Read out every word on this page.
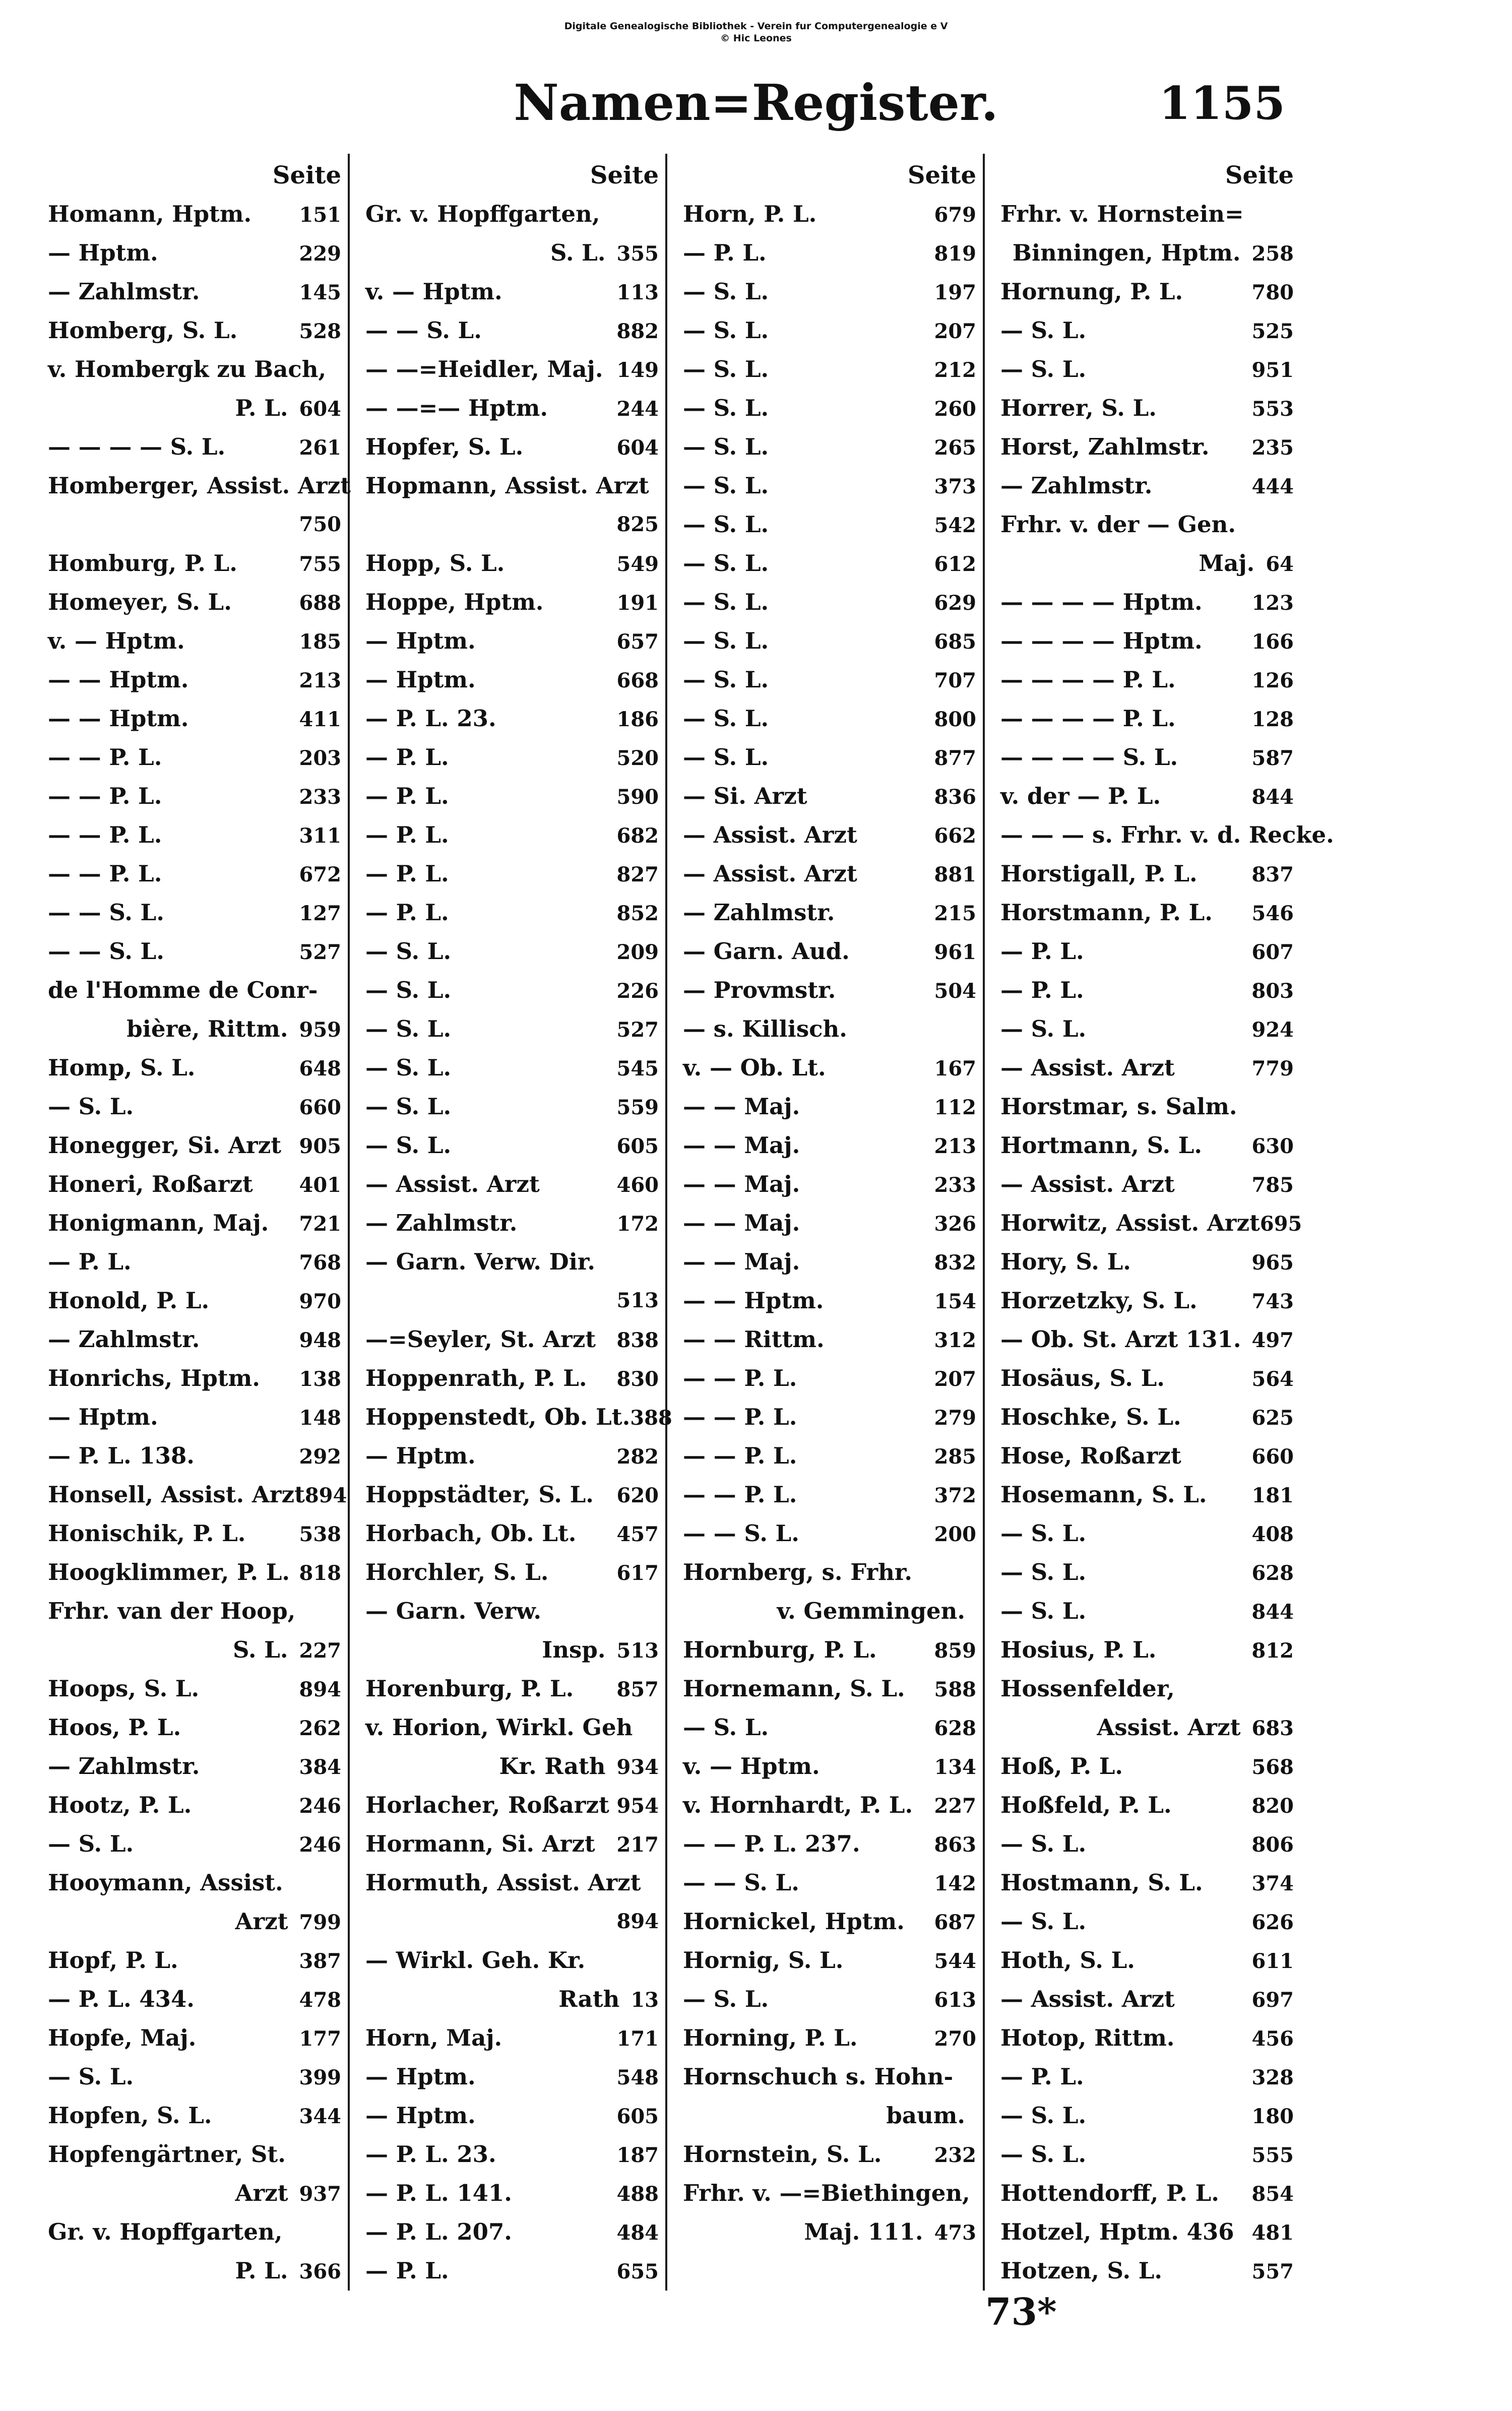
Digitale Genealogische Bibliothek - Verein fur Computergenealogie e V
© Hic Leones
Namen=Register.	1155
Seite
Homann, Hptm.	151
— Hptm.	229
— Zahlmstr.	145
Homberg, S. L.	528
v. Hombergk zu Bach,
P. L. 604
— — — — S. L.	261
Homberger, Assist. Arzt
750
Homburg, P. L.	755
Homeyer, S. L.	688
v. — Hptm.	185
— — Hptm.	213
— — Hptm.	411
— — P. L.	203
— — P. L.	233
— — P. L.	311
— — P. L.	672
— — S. L.	127
— — S. L.	527
de l'Homme de Conr-
bière, Rittm. 959
Homp, S. L.	648
— S. L.	660
Honegger, Si. Arzt 905
Honeri, Roßarzt	401
Honigmann, Maj.	721
— P. L.	768
Honold, P. L.	970
— Zahlmstr.	948
Honrichs, Hptm.	138
— Hptm.	148
— P. L. 138.	292
Honsell, Assist. Arzt 894
Honischik, P. L.	538
Hoogklimmer, P. L. 818
Frhr. van der Hoop,
S. L. 227
Hoops, S. L.	894
Hoos, P. L.	262
— Zahlmstr.	384
Hootz, P. L.	246
— S. L.	246
Hooymann, Assist.
Arzt 799
Hopf, P. L.	387
— P. L. 434.	478
Hopfe, Maj.	177
— S. L.	399
Hopfen, S. L.	344
Hopfengärtner, St.
Arzt 937
Gr. v. Hopffgarten,
P. L. 366
Seite
Gr. v. Hopffgarten,
S. L. 355
v. — Hptm.	113
— — S. L.	882
— —=Heidler, Maj. 149
— —=— Hptm.	244
Hopfer, S. L.	604
Hopmann, Assist. Arzt
825
Hopp, S. L.	549
Hoppe, Hptm.	191
— Hptm.	657
— Hptm.	668
— P. L. 23.	186
— P. L.	520
— P. L.	590
— P. L.	682
— P. L.	827
— P. L.	852
— S. L.	209
— S. L.	226
— S. L.	527
— S. L.	545
— S. L.	559
— S. L.	605
— Assist. Arzt	460
— Zahlmstr.	172
— Garn. Verw. Dir.
513
—=Seyler, St. Arzt	838
Hoppenrath, P. L.	830
Hoppenstedt, Ob. Lt. 388
— Hptm.	282
Hoppstädter, S. L.	620
Horbach, Ob. Lt.	457
Horchler, S. L.	617
— Garn. Verw.
Insp. 513
Horenburg, P. L.	857
v. Horion, Wirkl. Geh
Kr. Rath 934
Horlacher, Roßarzt 954
Hormann, Si. Arzt	217
Hormuth, Assist. Arzt
894
— Wirkl. Geh. Kr.
Rath 13
Horn, Maj.	171
— Hptm.	548
— Hptm.	605
— P. L. 23.	187
— P. L. 141.	488
— P. L. 207.	484
— P. L.	655
Seite
Horn, P. L.	679
— P. L.	819
— S. L.	197
— S. L.	207
— S. L.	212
— S. L.	260
— S. L.	265
— S. L.	373
— S. L.	542
— S. L.	612
— S. L.	629
— S. L.	685
— S. L.	707
— S. L.	800
— S. L.	877
— Si. Arzt	836
— Assist. Arzt	662
— Assist. Arzt	881
— Zahlmstr.	215
— Garn. Aud.	961
— Provmstr.	504
— s. Killisch.
v. — Ob. Lt.	167
— — Maj.	112
— — Maj.	213
— — Maj.	233
— — Maj.	326
— — Maj.	832
— — Hptm.	154
— — Rittm.	312
— — P. L.	207
— — P. L.	279
— — P. L.	285
— — P. L.	372
— — S. L.	200
Hornberg, s. Frhr.
v. Gemmingen.
Hornburg, P. L.	859
Hornemann, S. L.	588
— S. L.	628
v. — Hptm.	134
v. Hornhardt, P. L.	227
— — P. L. 237.	863
— — S. L.	142
Hornickel, Hptm.	687
Hornig, S. L.	544
— S. L.	613
Horning, P. L.	270
Hornschuch s. Hohn-
baum.
Hornstein, S. L.	232
Frhr. v. —=Biethingen,
Maj. 111. 473
Seite
Frhr. v. Hornstein=
Binningen, Hptm. 258
Hornung, P. L.	780
— S. L.	525
— S. L.	951
Horrer, S. L.	553
Horst, Zahlmstr.	235
— Zahlmstr.	444
Frhr. v. der — Gen.
Maj. 64
— — — — Hptm.	123
— — — — Hptm.	166
— — — — P. L.	126
— — — — P. L.	128
— — — — S. L.	587
v. der — P. L.	844
— — — s. Frhr. v. d. Recke.
Horstigall, P. L.	837
Horstmann, P. L.	546
— P. L.	607
— P. L.	803
— S. L.	924
— Assist. Arzt	779
Horstmar, s. Salm.
Hortmann, S. L.	630
— Assist. Arzt	785
Horwitz, Assist. Arzt 695
Hory, S. L.	965
Horzetzky, S. L.	743
— Ob. St. Arzt 131. 497
Hosäus, S. L.	564
Hoschke, S. L.	625
Hose, Roßarzt	660
Hosemann, S. L.	181
— S. L.	408
— S. L.	628
— S. L.	844
Hosius, P. L.	812
Hossenfelder,
Assist. Arzt 683
Hoß, P. L.	568
Hoßfeld, P. L.	820
— S. L.	806
Hostmann, S. L.	374
— S. L.	626
Hoth, S. L.	611
— Assist. Arzt	697
Hotop, Rittm.	456
— P. L.	328
— S. L.	180
— S. L.	555
Hottendorff, P. L.	854
Hotzel, Hptm. 436 481
Hotzen, S. L.	557
73*
